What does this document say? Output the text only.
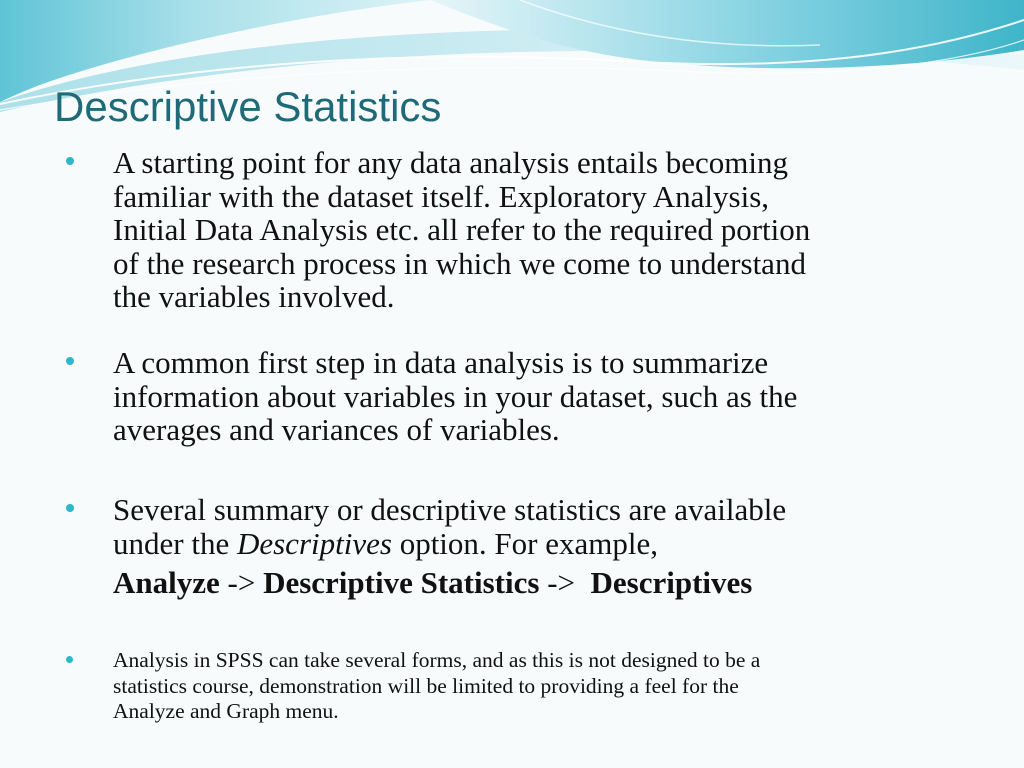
Descriptive Statistics

A starting point for any data analysis entails becoming
familiar with the dataset itself. Exploratory Analysis,
Initial Data Analysis etc. all refer to the required portion
of the research process in which we come to understand
the variables involved.

A common first step in data analysis is to summarize
information about variables in your dataset, such as the
averages and variances of variables.

Several summary or descriptive statistics are available
under the Descriptives option. For example,
Analyze -> Descriptive Statistics ->  Descriptives

Analysis in SPSS can take several forms, and as this is not designed to be a
statistics course, demonstration will be limited to providing a feel for the
Analyze and Graph menu.
